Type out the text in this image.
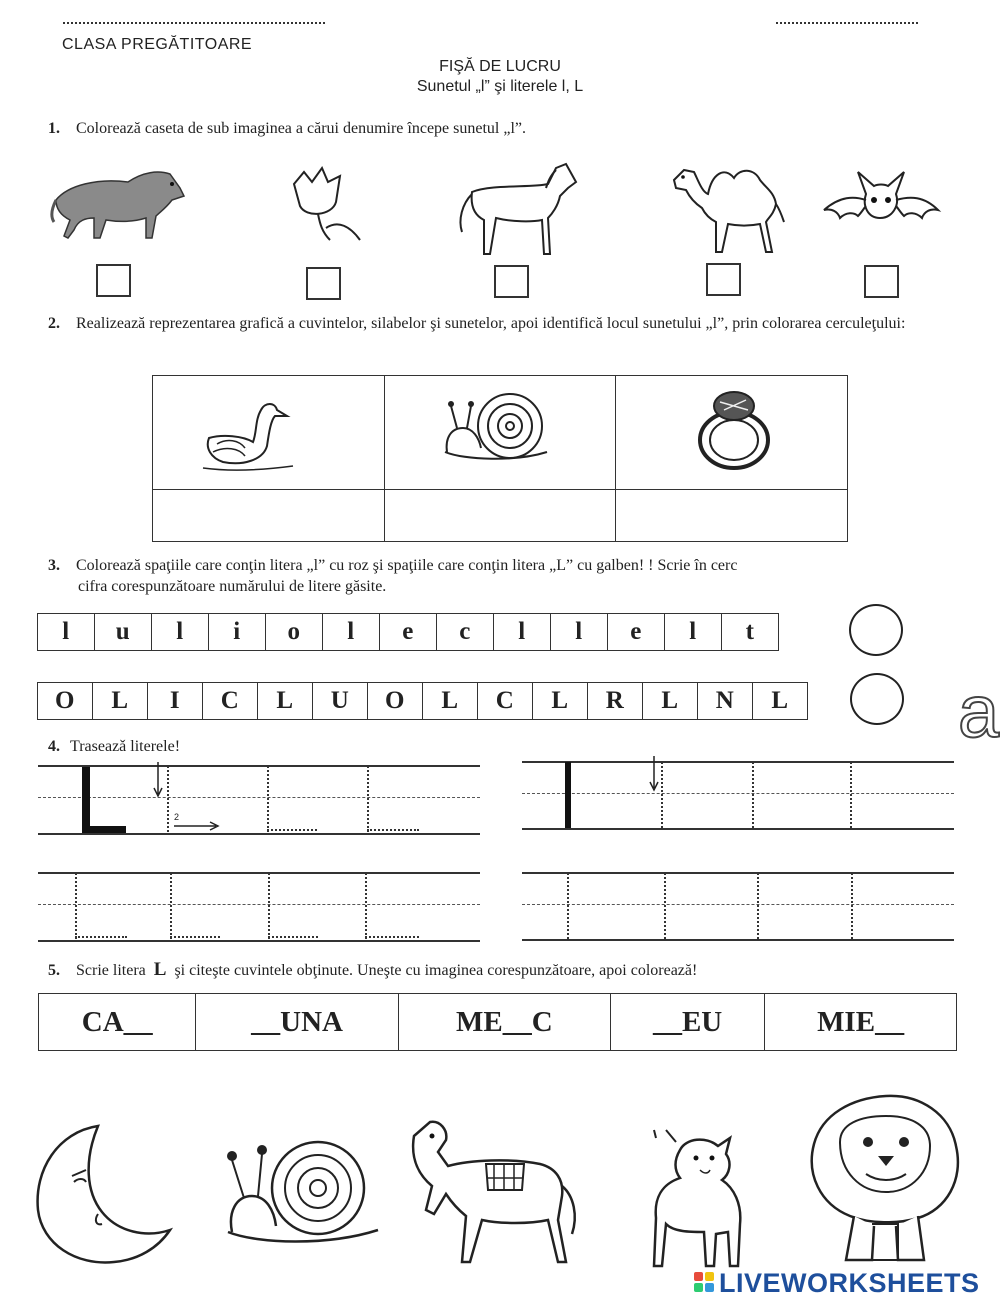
CLASA PREGĂTITOARE
FIŞĂ DE LUCRU
Sunetul „l” şi literele l, L
1. Colorează caseta de sub imaginea a cărui denumire începe sunetul „l”.
2. Realizează reprezentarea grafică a cuvintelor, silabelor şi sunetelor, apoi identifică locul sunetului „l”, prin colorarea cerculeţului:

3. Colorează spaţiile care conţin litera „l” cu roz şi spaţiile care conţin litera „L” cu galben! ! Scrie în cerc
cifra corespunzătoare numărului de litere găsite.
l	u	l	i	o	l	e	c	l	l	e	l	t
O	L	I	C	L	U	O	L	C	L	R	L	N	L a
4. Traseazǎ literele!
2
5. Scrie litera L şi citeşte cuvintele obţinute. Uneşte cu imaginea corespunzătoare, apoi colorează!
CA__	__UNA	ME__C	__EU	MIE__
LIVEWORKSHEETS
